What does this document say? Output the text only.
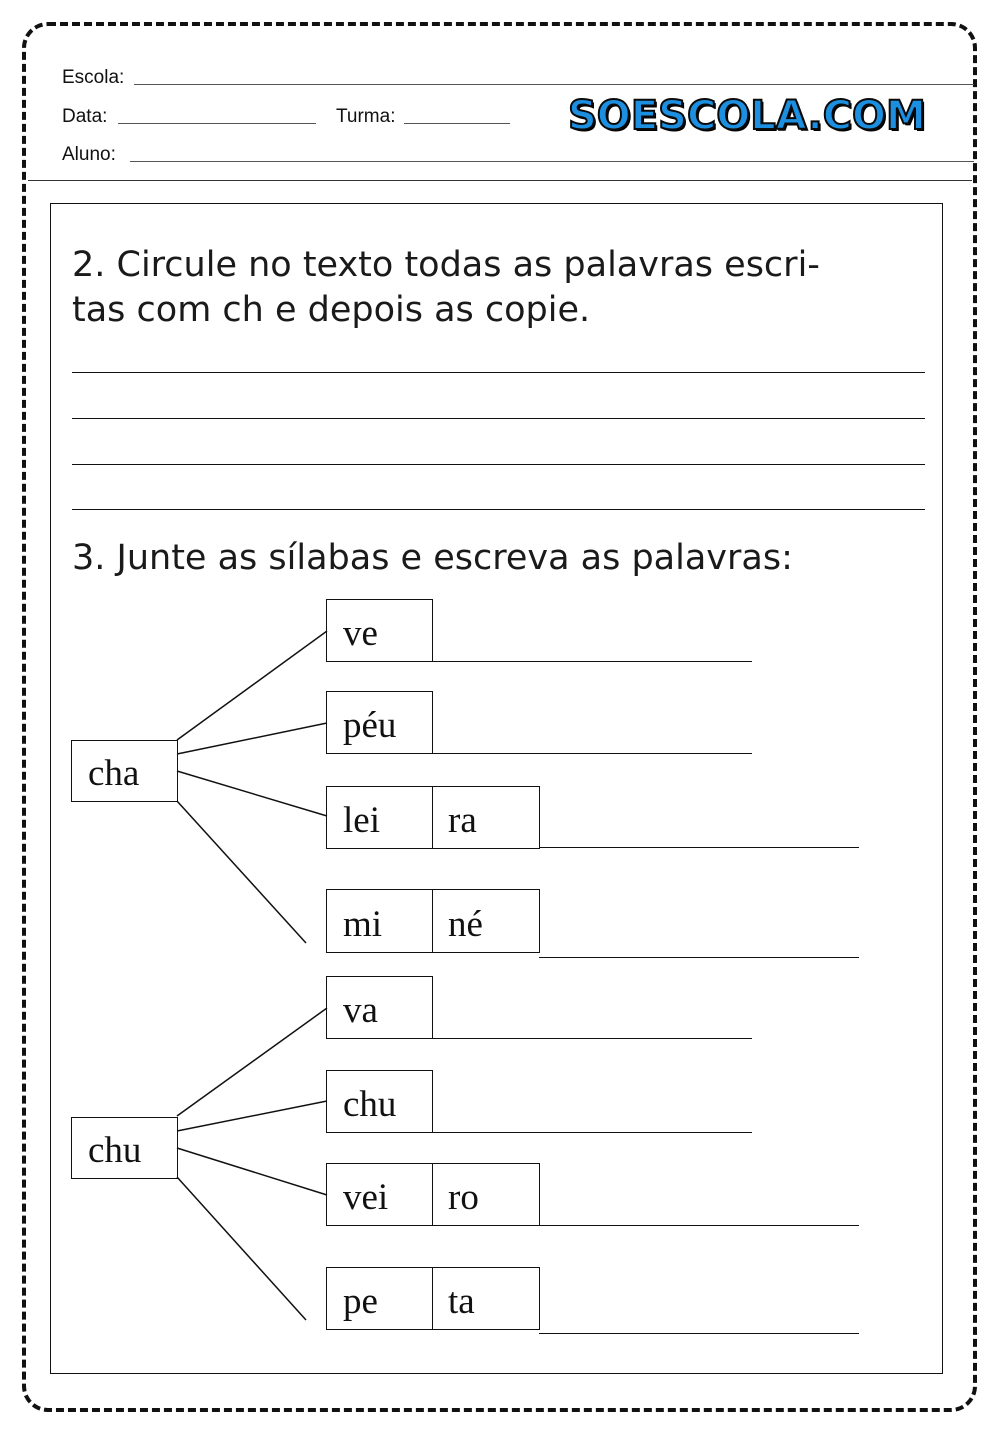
Escola:
Data:	Turma:	SOESCOLA.COM
Aluno:

2. Circule no texto todas as palavras escri-

tas com ch e depois as copie.

3. Junte as sílabas e escreva as palavras:

cha
ve
péu
lei	ra
mi	né
chu
va
chu
vei	ro
pe	ta
